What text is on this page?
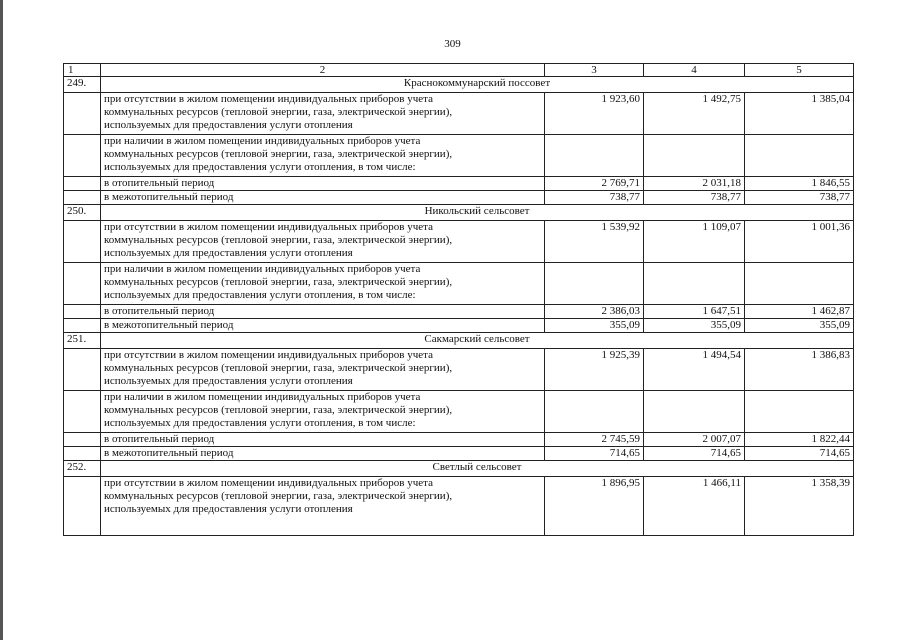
309
1	2	3	4	5
249.	Краснокоммунарский поссовет			

	при отсутствии в жилом помещении индивидуальных приборов учета
коммунальных ресурсов (тепловой энергии, газа, электрической энергии),
используемых для предоставления услуги отопления	1 923,60	1 492,75	1 385,04

	при наличии в жилом помещении индивидуальных приборов учета
коммунальных ресурсов (тепловой энергии, газа, электрической энергии),
используемых для предоставления услуги отопления, в том числе:			

	в отопительный период	2 769,71	2 031,18	1 846,55

	в межотопительный период	738,77	738,77	738,77
250.	Никольский сельсовет			

	при отсутствии в жилом помещении индивидуальных приборов учета
коммунальных ресурсов (тепловой энергии, газа, электрической энергии),
используемых для предоставления услуги отопления	1 539,92	1 109,07	1 001,36

	при наличии в жилом помещении индивидуальных приборов учета
коммунальных ресурсов (тепловой энергии, газа, электрической энергии),
используемых для предоставления услуги отопления, в том числе:			

	в отопительный период	2 386,03	1 647,51	1 462,87

	в межотопительный период	355,09	355,09	355,09
251.	Сакмарский сельсовет			

	при отсутствии в жилом помещении индивидуальных приборов учета
коммунальных ресурсов (тепловой энергии, газа, электрической энергии),
используемых для предоставления услуги отопления	1 925,39	1 494,54	1 386,83

	при наличии в жилом помещении индивидуальных приборов учета
коммунальных ресурсов (тепловой энергии, газа, электрической энергии),
используемых для предоставления услуги отопления, в том числе:			

	в отопительный период	2 745,59	2 007,07	1 822,44

	в межотопительный период	714,65	714,65	714,65
252.	Светлый сельсовет			

	при отсутствии в жилом помещении индивидуальных приборов учета
коммунальных ресурсов (тепловой энергии, газа, электрической энергии),
используемых для предоставления услуги отопления	1 896,95	1 466,11	1 358,39
